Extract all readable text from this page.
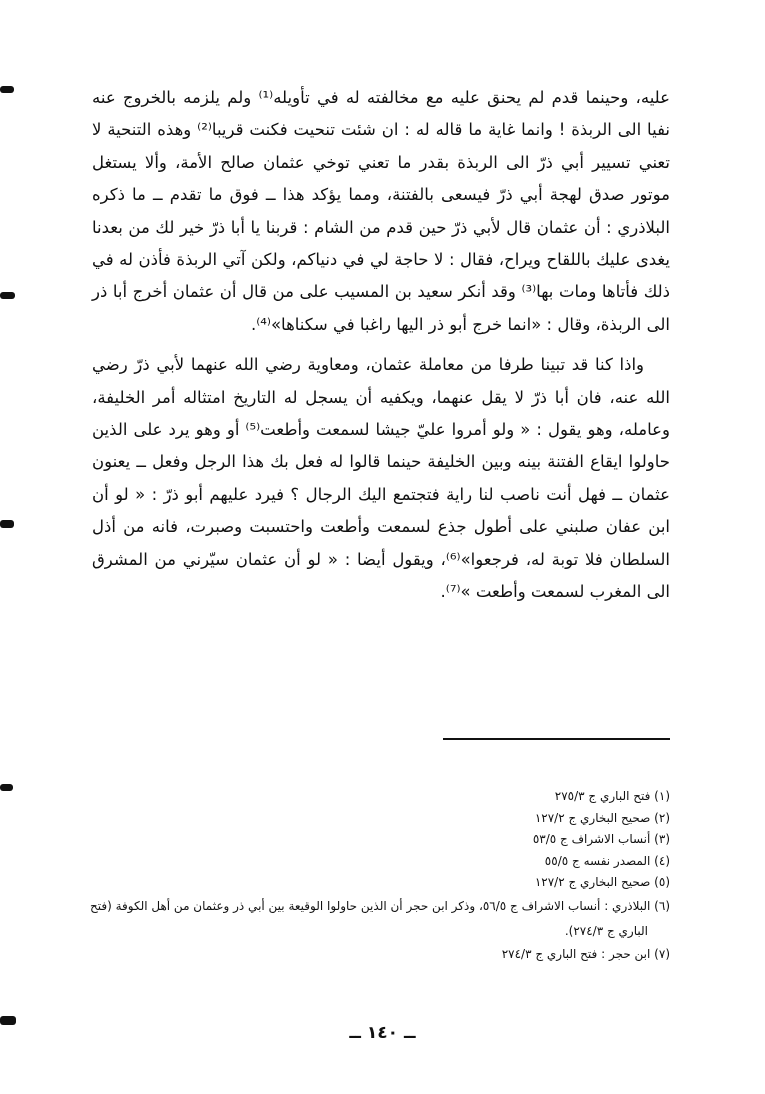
عليه، وحينما قدم لم يحنق عليه مع مخالفته له في تأويله⁽¹⁾ ولم يلزمه بالخروج عنه نفيا الى الربذة ! وانما غاية ما قاله له : ان شئت تنحيت فكنت قريبا⁽²⁾ وهذه التنحية لا تعني تسيير أبي ذرّ الى الربذة بقدر ما تعني توخي عثمان صالح الأمة، وألا يستغل موتور صدق لهجة أبي ذرّ فيسعى بالفتنة، ومما يؤكد هذا ــ فوق ما تقدم ــ ما ذكره البلاذري : أن عثمان قال لأبي ذرّ حين قدم من الشام : قربنا يا أبا ذرّ خير لك من بعدنا يغدى عليك باللقاح ويراح، فقال : لا حاجة لي في دنياكم، ولكن آتي الربذة فأذن له في ذلك فأتاها ومات بها⁽³⁾ وقد أنكر سعيد بن المسيب على من قال أن عثمان أخرج أبا ذر الى الربذة، وقال : «انما خرج أبو ذر اليها راغبا في سكناها»⁽⁴⁾.

واذا كنا قد تبينا طرفا من معاملة عثمان، ومعاوية رضي الله عنهما لأبي ذرّ رضي الله عنه، فان أبا ذرّ لا يقل عنهما، ويكفيه أن يسجل له التاريخ امتثاله أمر الخليفة، وعامله، وهو يقول : « ولو أمروا عليّ جيشا لسمعت وأطعت⁽⁵⁾ أو وهو يرد على الذين حاولوا ايقاع الفتنة بينه وبين الخليفة حينما قالوا له فعل بك هذا الرجل وفعل ــ يعنون عثمان ــ فهل أنت ناصب لنا راية فتجتمع اليك الرجال ؟ فيرد عليهم أبو ذرّ : « لو أن ابن عفان صلبني على أطول جذع لسمعت وأطعت واحتسبت وصبرت، فانه من أذل السلطان فلا توبة له، فرجعوا»⁽⁶⁾، ويقول أيضا : « لو أن عثمان سيّرني من المشرق الى المغرب لسمعت وأطعت »⁽⁷⁾.

(١) فتح الباري ج ٢٧٥/٣
(٢) صحيح البخاري ج ١٢٧/٢
(٣) أنساب الاشراف ج ٥٣/٥
(٤) المصدر نفسه ج ٥٥/٥
(٥) صحيح البخاري ج ١٢٧/٢
(٦) البلاذري : أنساب الاشراف ج ٥٦/٥، وذكر ابن حجر أن الذين حاولوا الوقيعة بين أبي ذر وعثمان من أهل الكوفة (فتح الباري ج ٢٧٤/٣).
(٧) ابن حجر : فتح الباري ج ٢٧٤/٣
ــ ١٤٠ ــ
